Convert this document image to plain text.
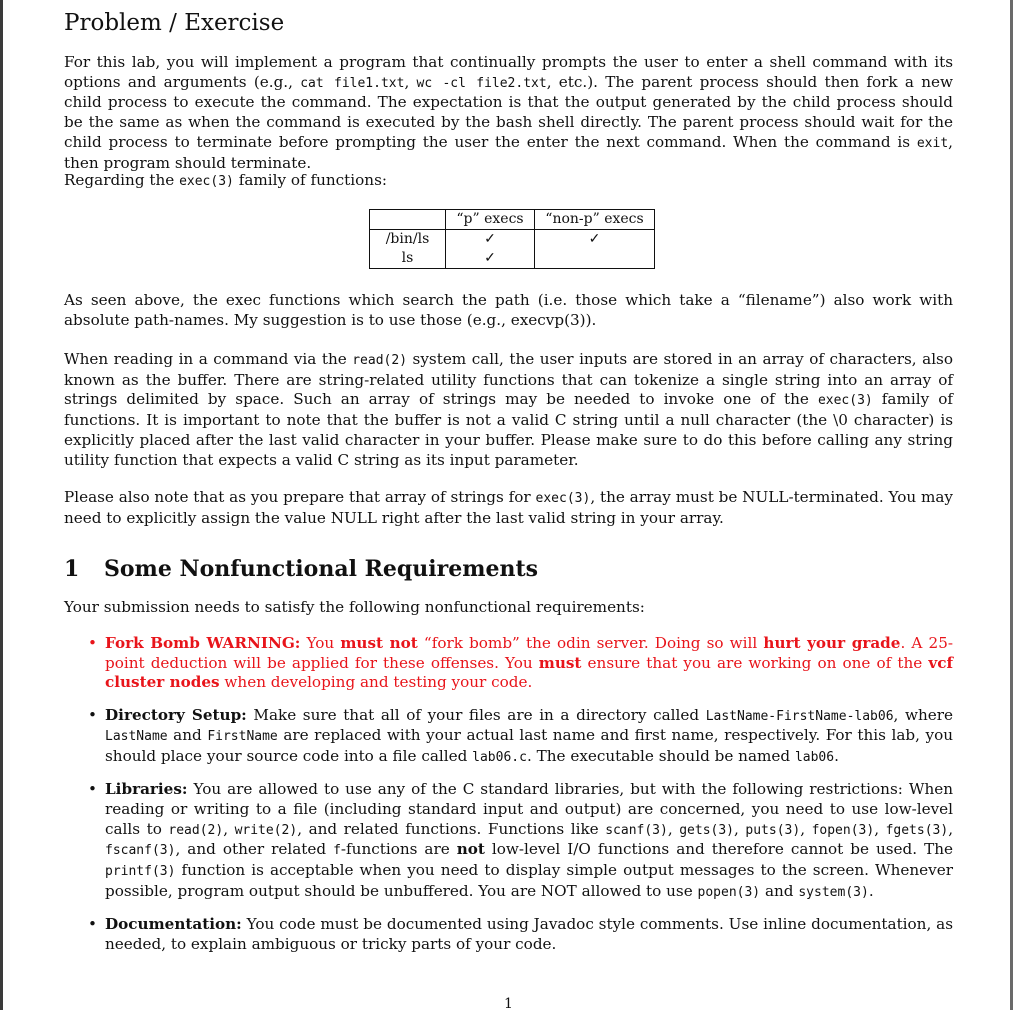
Problem / Exercise

For this lab, you will implement a program that continually prompts the user to enter a shell command with its options and arguments (e.g., cat file1.txt, wc -cl file2.txt, etc.). The parent process should then fork a new child process to execute the command. The expectation is that the output generated by the child process should be the same as when the command is executed by the bash shell directly. The parent process should wait for the child process to terminate before prompting the user the enter the next command. When the command is exit, then program should terminate.

Regarding the exec(3) family of functions:

	“p” execs	“non-p” execs
/bin/ls	✓	✓
ls	✓	

As seen above, the exec functions which search the path (i.e. those which take a “filename”) also work with absolute path-names. My suggestion is to use those (e.g., execvp(3)).

When reading in a command via the read(2) system call, the user inputs are stored in an array of characters, also known as the buffer. There are string-related utility functions that can tokenize a single string into an array of strings delimited by space. Such an array of strings may be needed to invoke one of the exec(3) family of functions. It is important to note that the buffer is not a valid C string until a null character (the \0 character) is explicitly placed after the last valid character in your buffer. Please make sure to do this before calling any string utility function that expects a valid C string as its input parameter.

Please also note that as you prepare that array of strings for exec(3), the array must be NULL-terminated. You may need to explicitly assign the value NULL right after the last valid string in your array.

1 Some Nonfunctional Requirements

Your submission needs to satisfy the following nonfunctional requirements:

• Fork Bomb WARNING: You must not “fork bomb” the odin server. Doing so will hurt your grade. A 25-point deduction will be applied for these offenses. You must ensure that you are working on one of the vcf cluster nodes when developing and testing your code.
• Directory Setup: Make sure that all of your files are in a directory called LastName-FirstName-lab06, where LastName and FirstName are replaced with your actual last name and first name, respectively. For this lab, you should place your source code into a file called lab06.c. The executable should be named lab06.
• Libraries: You are allowed to use any of the C standard libraries, but with the following restrictions: When reading or writing to a file (including standard input and output) are concerned, you need to use low-level calls to read(2), write(2), and related functions. Functions like scanf(3), gets(3), puts(3), fopen(3), fgets(3), fscanf(3), and other related f-functions are not low-level I/O functions and therefore cannot be used. The printf(3) function is acceptable when you need to display simple output messages to the screen. Whenever possible, program output should be unbuffered. You are NOT allowed to use popen(3) and system(3).
• Documentation: You code must be documented using Javadoc style comments. Use inline documentation, as needed, to explain ambiguous or tricky parts of your code.
1
